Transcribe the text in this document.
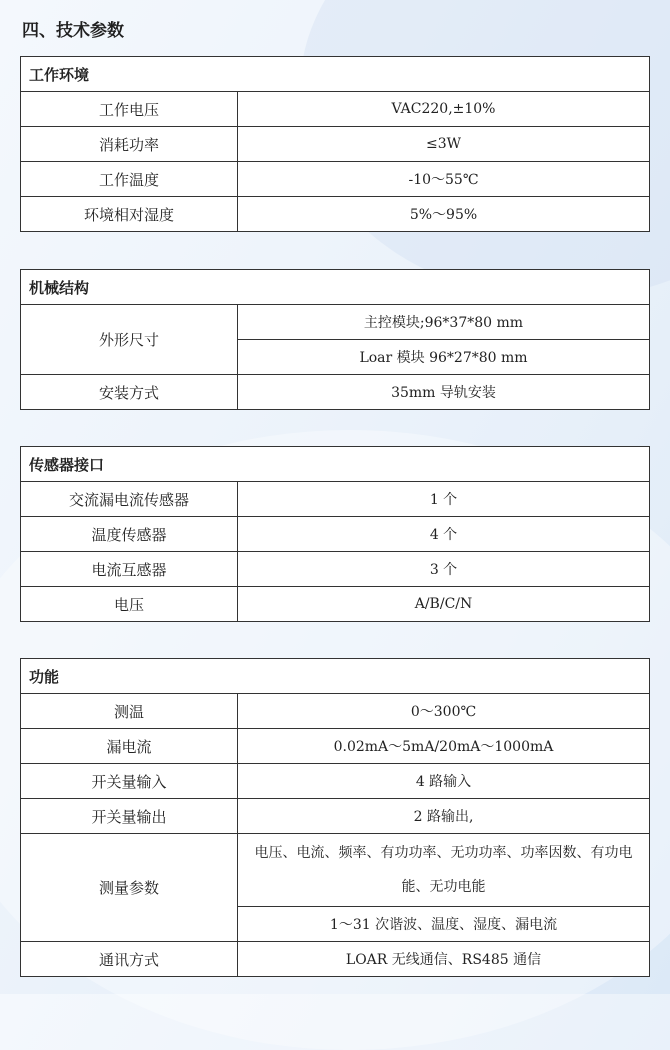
四、技术参数
工作环境	
工作电压	VAC220,±10%
消耗功率	≤3W
工作温度	-10～55℃
环境相对湿度	5%～95%
机械结构	
外形尺寸	主控模块;96*37*80 mm
	Loar 模块 96*27*80 mm
安装方式	35mm 导轨安装
传感器接口	
交流漏电流传感器	1 个
温度传感器	4 个
电流互感器	3 个
电压	A/B/C/N
功能	
测温	0～300℃
漏电流	0.02mA～5mA/20mA～1000mA
开关量输入	4 路输入
开关量输出	2 路输出,
测量参数	电压、电流、频率、有功功率、无功功率、功率因数、有功电能、无功电能

	1～31 次谐波、温度、湿度、漏电流
通讯方式	LOAR 无线通信、RS485 通信
